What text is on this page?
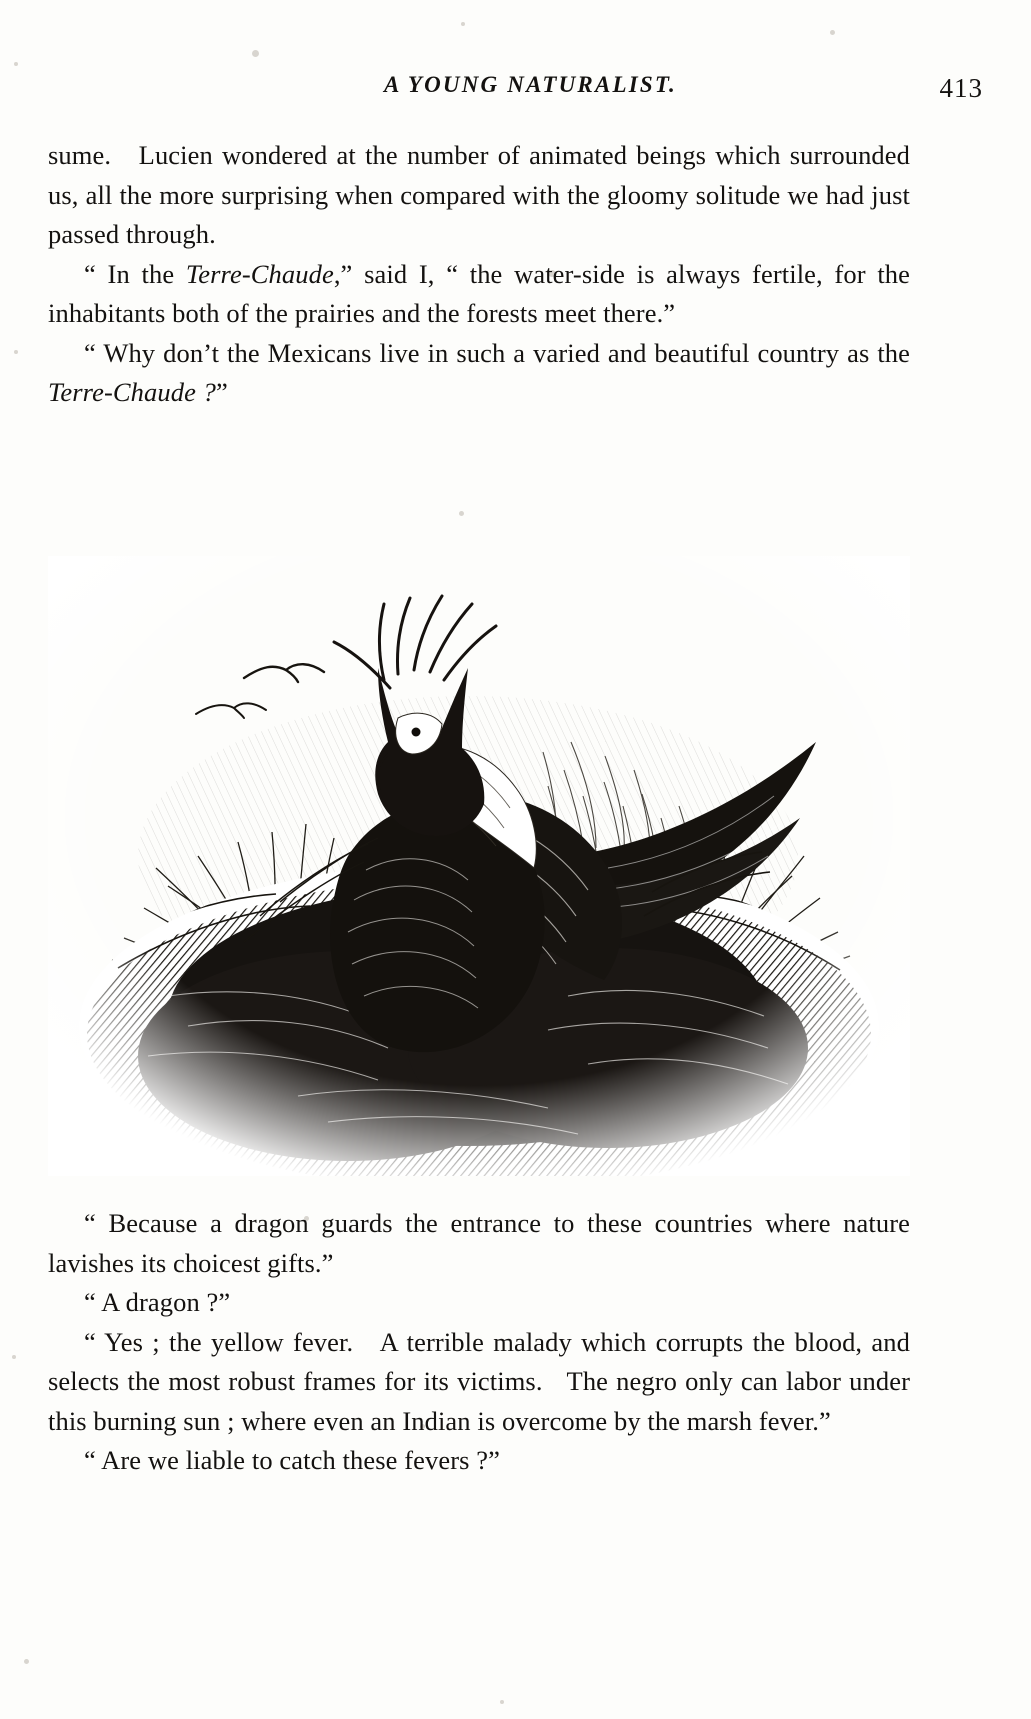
A YOUNG NATURALIST.	413

sume.   Lucien wondered at the number of animated beings which surrounded us, all the more surprising when compared with the gloomy solitude we had just passed through.

“ In the Terre-Chaude,” said I, “ the water-side is always fertile, for the inhabitants both of the prairies and the forests meet there.”

“ Why don’t the Mexicans live in such a varied and beautiful country as the Terre-Chaude ?”

“ Because a dragon guards the entrance to these countries where nature lavishes its choicest gifts.”

“ A dragon ?”

“ Yes ; the yellow fever.   A terrible malady which corrupts the blood, and selects the most robust frames for its victims.   The negro only can labor under this burning sun ; where even an Indian is overcome by the marsh fever.”

“ Are we liable to catch these fevers ?”
